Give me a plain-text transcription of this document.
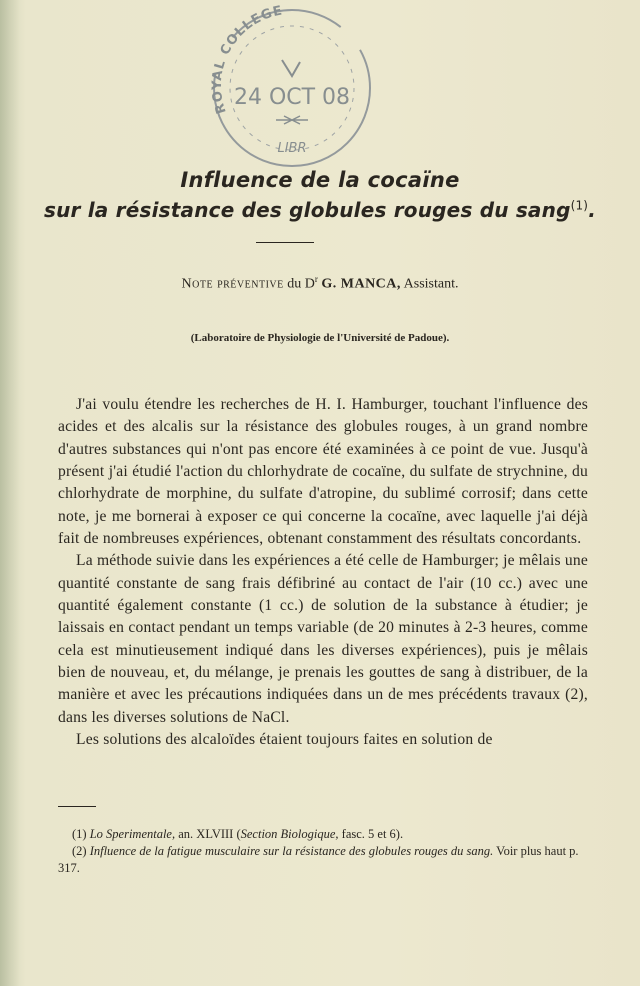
ROYAL COLLEGE
24 OCT 08
LIBR
Influence de la cocaïne
sur la résistance des globules rouges du sang$^{(1)}$.
Note préventive du $D^r$ G. MANCA, Assistant.
(Laboratoire de Physiologie de l'Université de Padoue).

J'ai voulu étendre les recherches de H. I. Hamburger, touchant l'influence des acides et des alcalis sur la résistance des globules rouges, à un grand nombre d'autres substances qui n'ont pas encore été examinées à ce point de vue. Jusqu'à présent j'ai étudié l'action du chlorhydrate de cocaïne, du sulfate de strychnine, du chlorhydrate de morphine, du sulfate d'atropine, du sublimé corrosif; dans cette note, je me bornerai à exposer ce qui concerne la cocaïne, avec laquelle j'ai déjà fait de nombreuses expériences, obtenant constamment des résultats concordants.

La méthode suivie dans les expériences a été celle de Hamburger; je mêlais une quantité constante de sang frais défibriné au contact de l'air (10 cc.) avec une quantité également constante (1 cc.) de solution de la substance à étudier; je laissais en contact pendant un temps variable (de 20 minutes à 2-3 heures, comme cela est minutieusement indiqué dans les diverses expériences), puis je mêlais bien de nouveau, et, du mélange, je prenais les gouttes de sang à distribuer, de la manière et avec les précautions indiquées dans un de mes précédents travaux (2), dans les diverses solutions de NaCl.

Les solutions des alcaloïdes étaient toujours faites en solution de

(1) Lo Sperimentale, an. XLVIII (Section Biologique, fasc. 5 et 6).

(2) Influence de la fatigue musculaire sur la résistance des globules rouges du sang. Voir plus haut p. 317.
